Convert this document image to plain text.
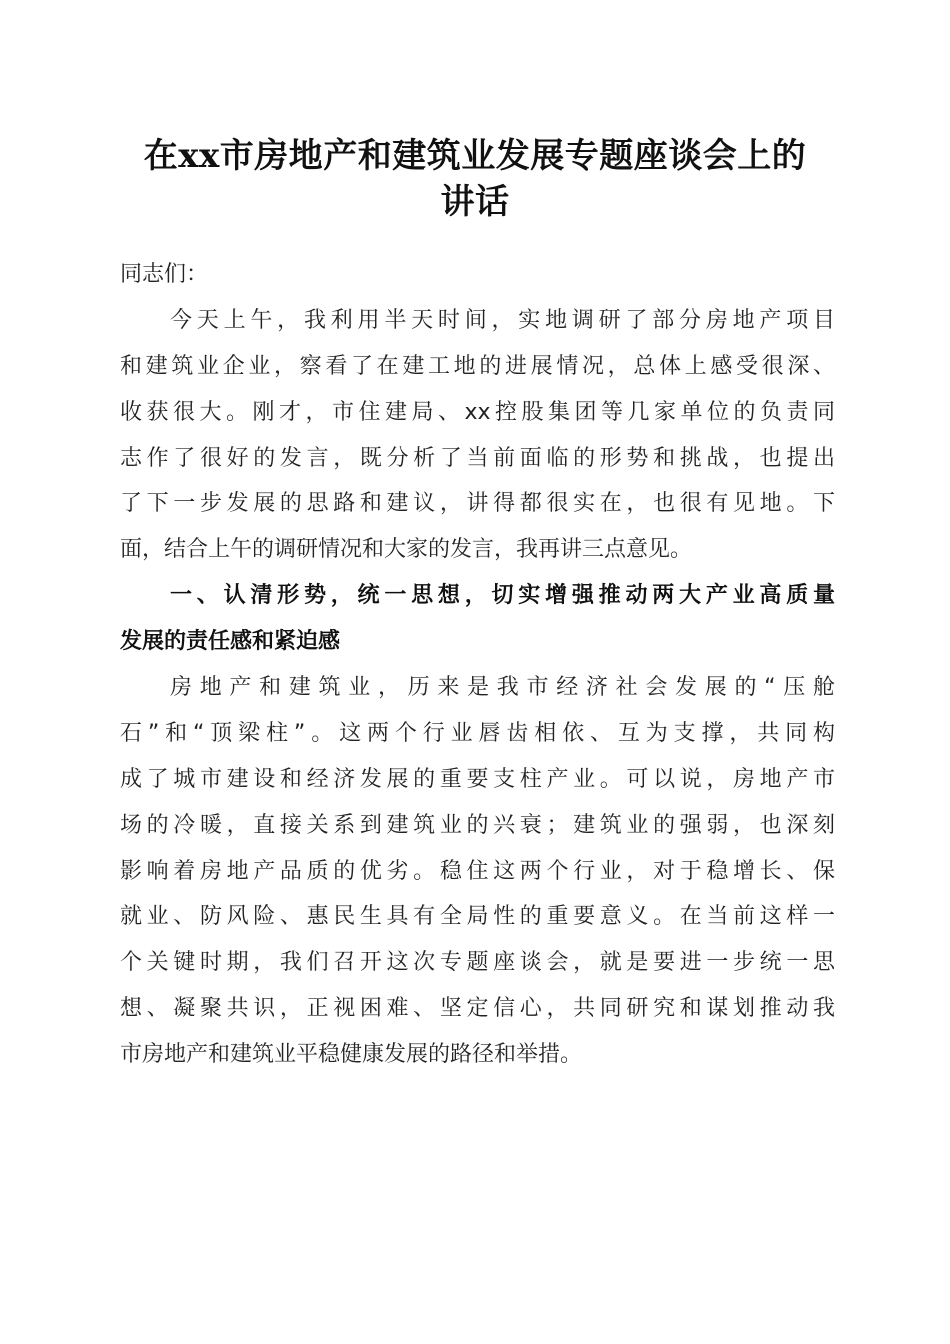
在xx市房地产和建筑业发展专题座谈会上的
讲话
同志们：
今天上午，我利用半天时间，实地调研了部分房地产项目
和建筑业企业，察看了在建工地的进展情况，总体上感受很深、
收获很大。刚才，市住建局、xx控股集团等几家单位的负责同
志作了很好的发言，既分析了当前面临的形势和挑战，也提出
了下一步发展的思路和建议，讲得都很实在，也很有见地。下
面，结合上午的调研情况和大家的发言，我再讲三点意见。
一、认清形势，统一思想，切实增强推动两大产业高质量
发展的责任感和紧迫感
房地产和建筑业，历来是我市经济社会发展的“压舱
石”和“顶梁柱”。这两个行业唇齿相依、互为支撑，共同构
成了城市建设和经济发展的重要支柱产业。可以说，房地产市
场的冷暖，直接关系到建筑业的兴衰；建筑业的强弱，也深刻
影响着房地产品质的优劣。稳住这两个行业，对于稳增长、保
就业、防风险、惠民生具有全局性的重要意义。在当前这样一
个关键时期，我们召开这次专题座谈会，就是要进一步统一思
想、凝聚共识，正视困难、坚定信心，共同研究和谋划推动我
市房地产和建筑业平稳健康发展的路径和举措。
